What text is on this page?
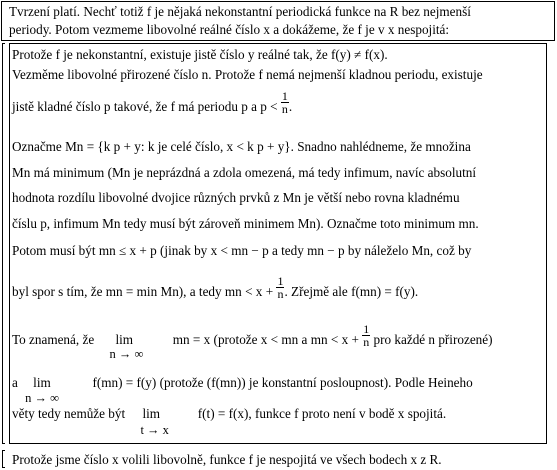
Tvrzení platí. Nechť totiž f je nějaká nekonstantní periodická funkce na R bez nejmenší
periody. Potom vezmeme libovolné reálné číslo x a dokážeme, že f je v x nespojitá:
Protože f je nekonstantní, existuje jistě číslo y reálné tak, že f(y) ≠ f(x).
Vezměme libovolné přirozené číslo n. Protože f nemá nejmenší kladnou periodu, existuje
jistě kladné číslo p takové, že f má periodu p a $p < \frac{1}{n}$ .
Označme Mn = {k p + y: k je celé číslo, x < k p + y}. Snadno nahlédneme, že množina
Mn má minimum (Mn je neprázdná a zdola omezená, má tedy infimum, navíc absolutní
hodnota rozdílu libovolné dvojice různých prvků z Mn je větší nebo rovna kladnému
číslu p, infimum Mn tedy musí být zároveň minimem Mn). Označme toto minimum mn.
Potom musí být mn ≤ x + p (jinak by x < mn − p a tedy mn − p by náleželo Mn, což by
byl spor s tím, že mn = min Mn), a tedy mn < $x + \frac{1}{n}$ . Zřejmě ale f(mn) = f(y).
To znamená, že lim
n → ∞
mn = x (protože x < mn a mn < $x + \frac{1}{n}$ pro každé n přirozené)
a lim
n → ∞
f(mn) = f(y) (protože (f(mn)) je konstantní posloupnost). Podle Heineho
věty tedy nemůže být lim
t → x
f(t) = f(x), funkce f proto není v bodě x spojitá.
Protože jsme číslo x volili libovolně, funkce f je nespojitá ve všech bodech x z R.
